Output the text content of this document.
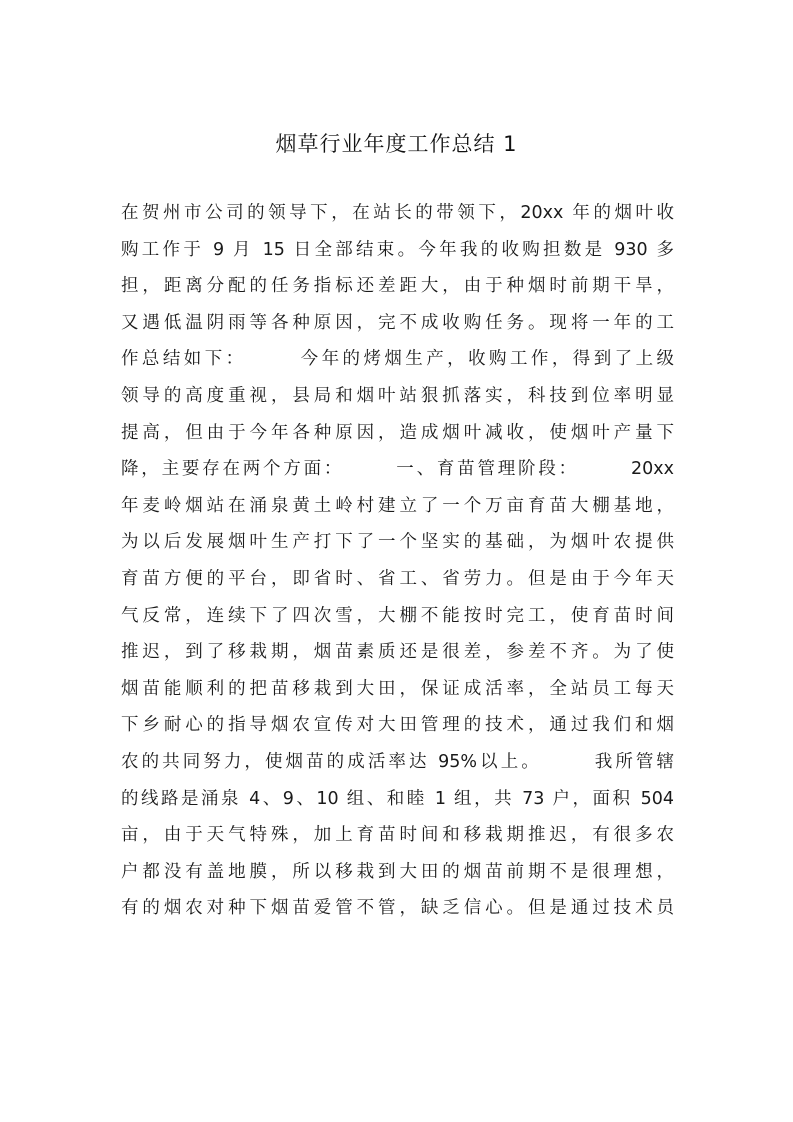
烟草行业年度工作总结 1
在贺州市公司的领导下，在站长的带领下，20xx 年的烟叶收
购工作于 9 月 15 日全部结束。今年我的收购担数是 930 多
担，距离分配的任务指标还差距大，由于种烟时前期干旱，
又遇低温阴雨等各种原因，完不成收购任务。现将一年的工
作总结如下：　　　今年的烤烟生产，收购工作，得到了上级
领导的高度重视，县局和烟叶站狠抓落实，科技到位率明显
提高，但由于今年各种原因，造成烟叶减收，使烟叶产量下
降，主要存在两个方面：　　　一、育苗管理阶段：　　　20xx
年麦岭烟站在涌泉黄土岭村建立了一个万亩育苗大棚基地，
为以后发展烟叶生产打下了一个坚实的基础，为烟叶农提供
育苗方便的平台，即省时、省工、省劳力。但是由于今年天
气反常，连续下了四次雪，大棚不能按时完工，使育苗时间
推迟，到了移栽期，烟苗素质还是很差，参差不齐。为了使
烟苗能顺利的把苗移栽到大田，保证成活率，全站员工每天
下乡耐心的指导烟农宣传对大田管理的技术，通过我们和烟
农的共同努力，使烟苗的成活率达 95%以上。　　　我所管辖
的线路是涌泉 4、9、10 组、和睦 1 组，共 73 户，面积 504
亩，由于天气特殊，加上育苗时间和移栽期推迟，有很多农
户都没有盖地膜，所以移栽到大田的烟苗前期不是很理想，
有的烟农对种下烟苗爱管不管，缺乏信心。但是通过技术员
